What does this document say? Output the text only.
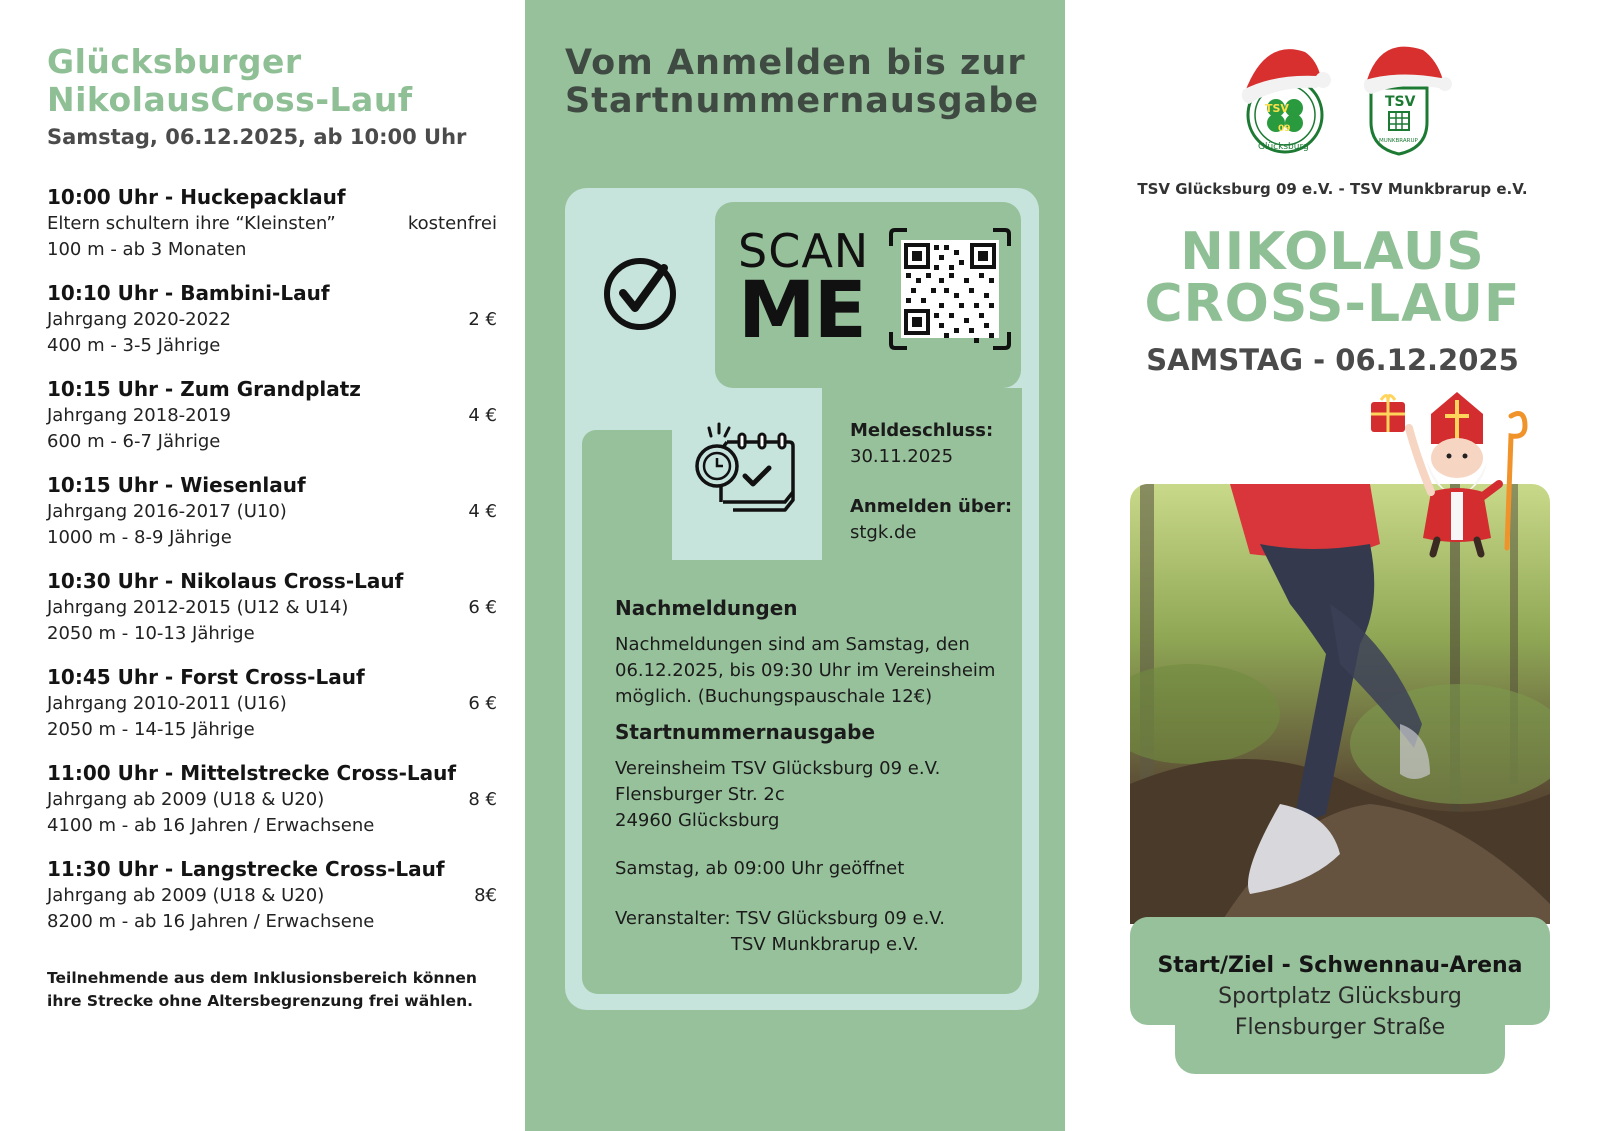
Glücksburger
NikolausCross-Lauf
Samstag, 06.12.2025, ab 10:00 Uhr
10:00 Uhr - Huckepacklauf
Eltern schultern ihre “Kleinsten”	kostenfrei
100 m - ab 3 Monaten
10:10 Uhr - Bambini-Lauf
Jahrgang 2020-2022	2 €
400 m - 3-5 Jährige
10:15 Uhr - Zum Grandplatz
Jahrgang 2018-2019	4 €
600 m - 6-7 Jährige
10:15 Uhr - Wiesenlauf
Jahrgang 2016-2017 (U10)	4 €
1000 m - 8-9 Jährige
10:30 Uhr - Nikolaus Cross-Lauf
Jahrgang 2012-2015 (U12 & U14)	6 €
2050 m - 10-13 Jährige
10:45 Uhr - Forst Cross-Lauf
Jahrgang 2010-2011 (U16)	6 €
2050 m - 14-15 Jährige
11:00 Uhr - Mittelstrecke Cross-Lauf
Jahrgang ab 2009 (U18 & U20)	8 €
4100 m - ab 16 Jahren / Erwachsene
11:30 Uhr - Langstrecke Cross-Lauf
Jahrgang ab 2009 (U18 & U20)	8€
8200 m - ab 16 Jahren / Erwachsene
Teilnehmende aus dem Inklusionsbereich können
ihre Strecke ohne Altersbegrenzung frei wählen.
Vom Anmelden bis zur
Startnummernausgabe
SCAN
ME
Meldeschluss:
30.11.2025
Anmelden über:
stgk.de
Nachmeldungen
Nachmeldungen sind am Samstag, den
06.12.2025, bis 09:30 Uhr im Vereinsheim
möglich. (Buchungspauschale 12€)
Startnummernausgabe
Vereinsheim TSV Glücksburg 09 e.V.
Flensburger Str. 2c
24960 Glücksburg
Samstag, ab 09:00 Uhr geöffnet
Veranstalter: TSV Glücksburg 09 e.V.
TSV Munkbrarup e.V.
TSV
09
Glücksburg
TSV
MUNKBRARUP
TSV Glücksburg 09 e.V. - TSV Munkbrarup e.V.
NIKOLAUS
CROSS-LAUF
SAMSTAG - 06.12.2025
Start/Ziel - Schwennau-Arena
Sportplatz Glücksburg
Flensburger Straße
